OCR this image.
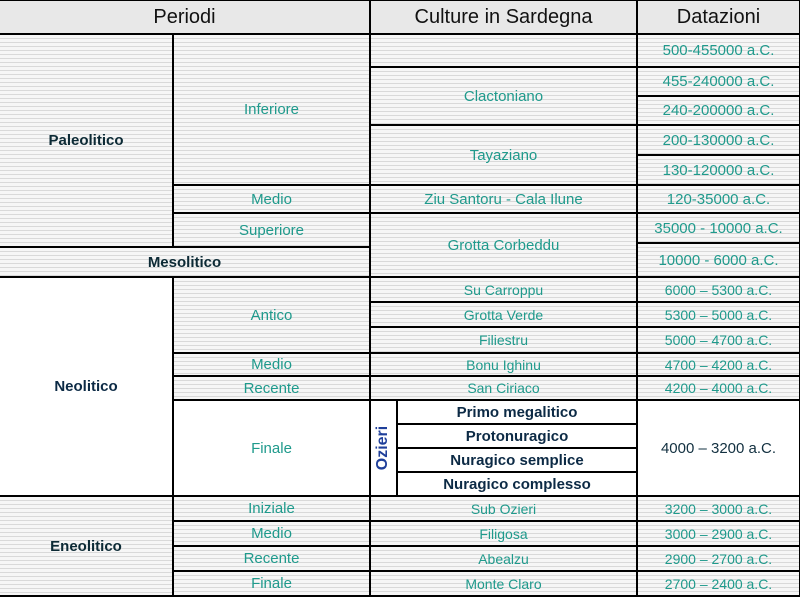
Periodi	Culture in Sardegna	Datazioni
Paleolitico
Mesolitico
Neolitico
Eneolitico
Inferiore
Medio
Superiore
Antico
Medio
Recente
Finale
Iniziale
Medio
Recente
Finale
Clactoniano
Tayaziano
Ziu Santoru - Cala Ilune
Grotta Corbeddu
Su Carroppu
Grotta Verde
Filiestru
Bonu Ighinu
San Ciriaco
Ozieri
Primo megalitico
Protonuragico
Nuragico semplice
Nuragico complesso
Sub Ozieri
Filigosa
Abealzu
Monte Claro
500-455000 a.C.
455-240000 a.C.
240-200000 a.C.
200-130000 a.C.
130-120000 a.C.
120-35000 a.C.
35000 - 10000 a.C.
10000 - 6000 a.C.
6000 – 5300 a.C.
5300 – 5000 a.C.
5000 – 4700 a.C.
4700 – 4200 a.C.
4200 – 4000 a.C.
4000 – 3200 a.C.
3200 – 3000 a.C.
3000 – 2900 a.C.
2900 – 2700 a.C.
2700 – 2400 a.C.
